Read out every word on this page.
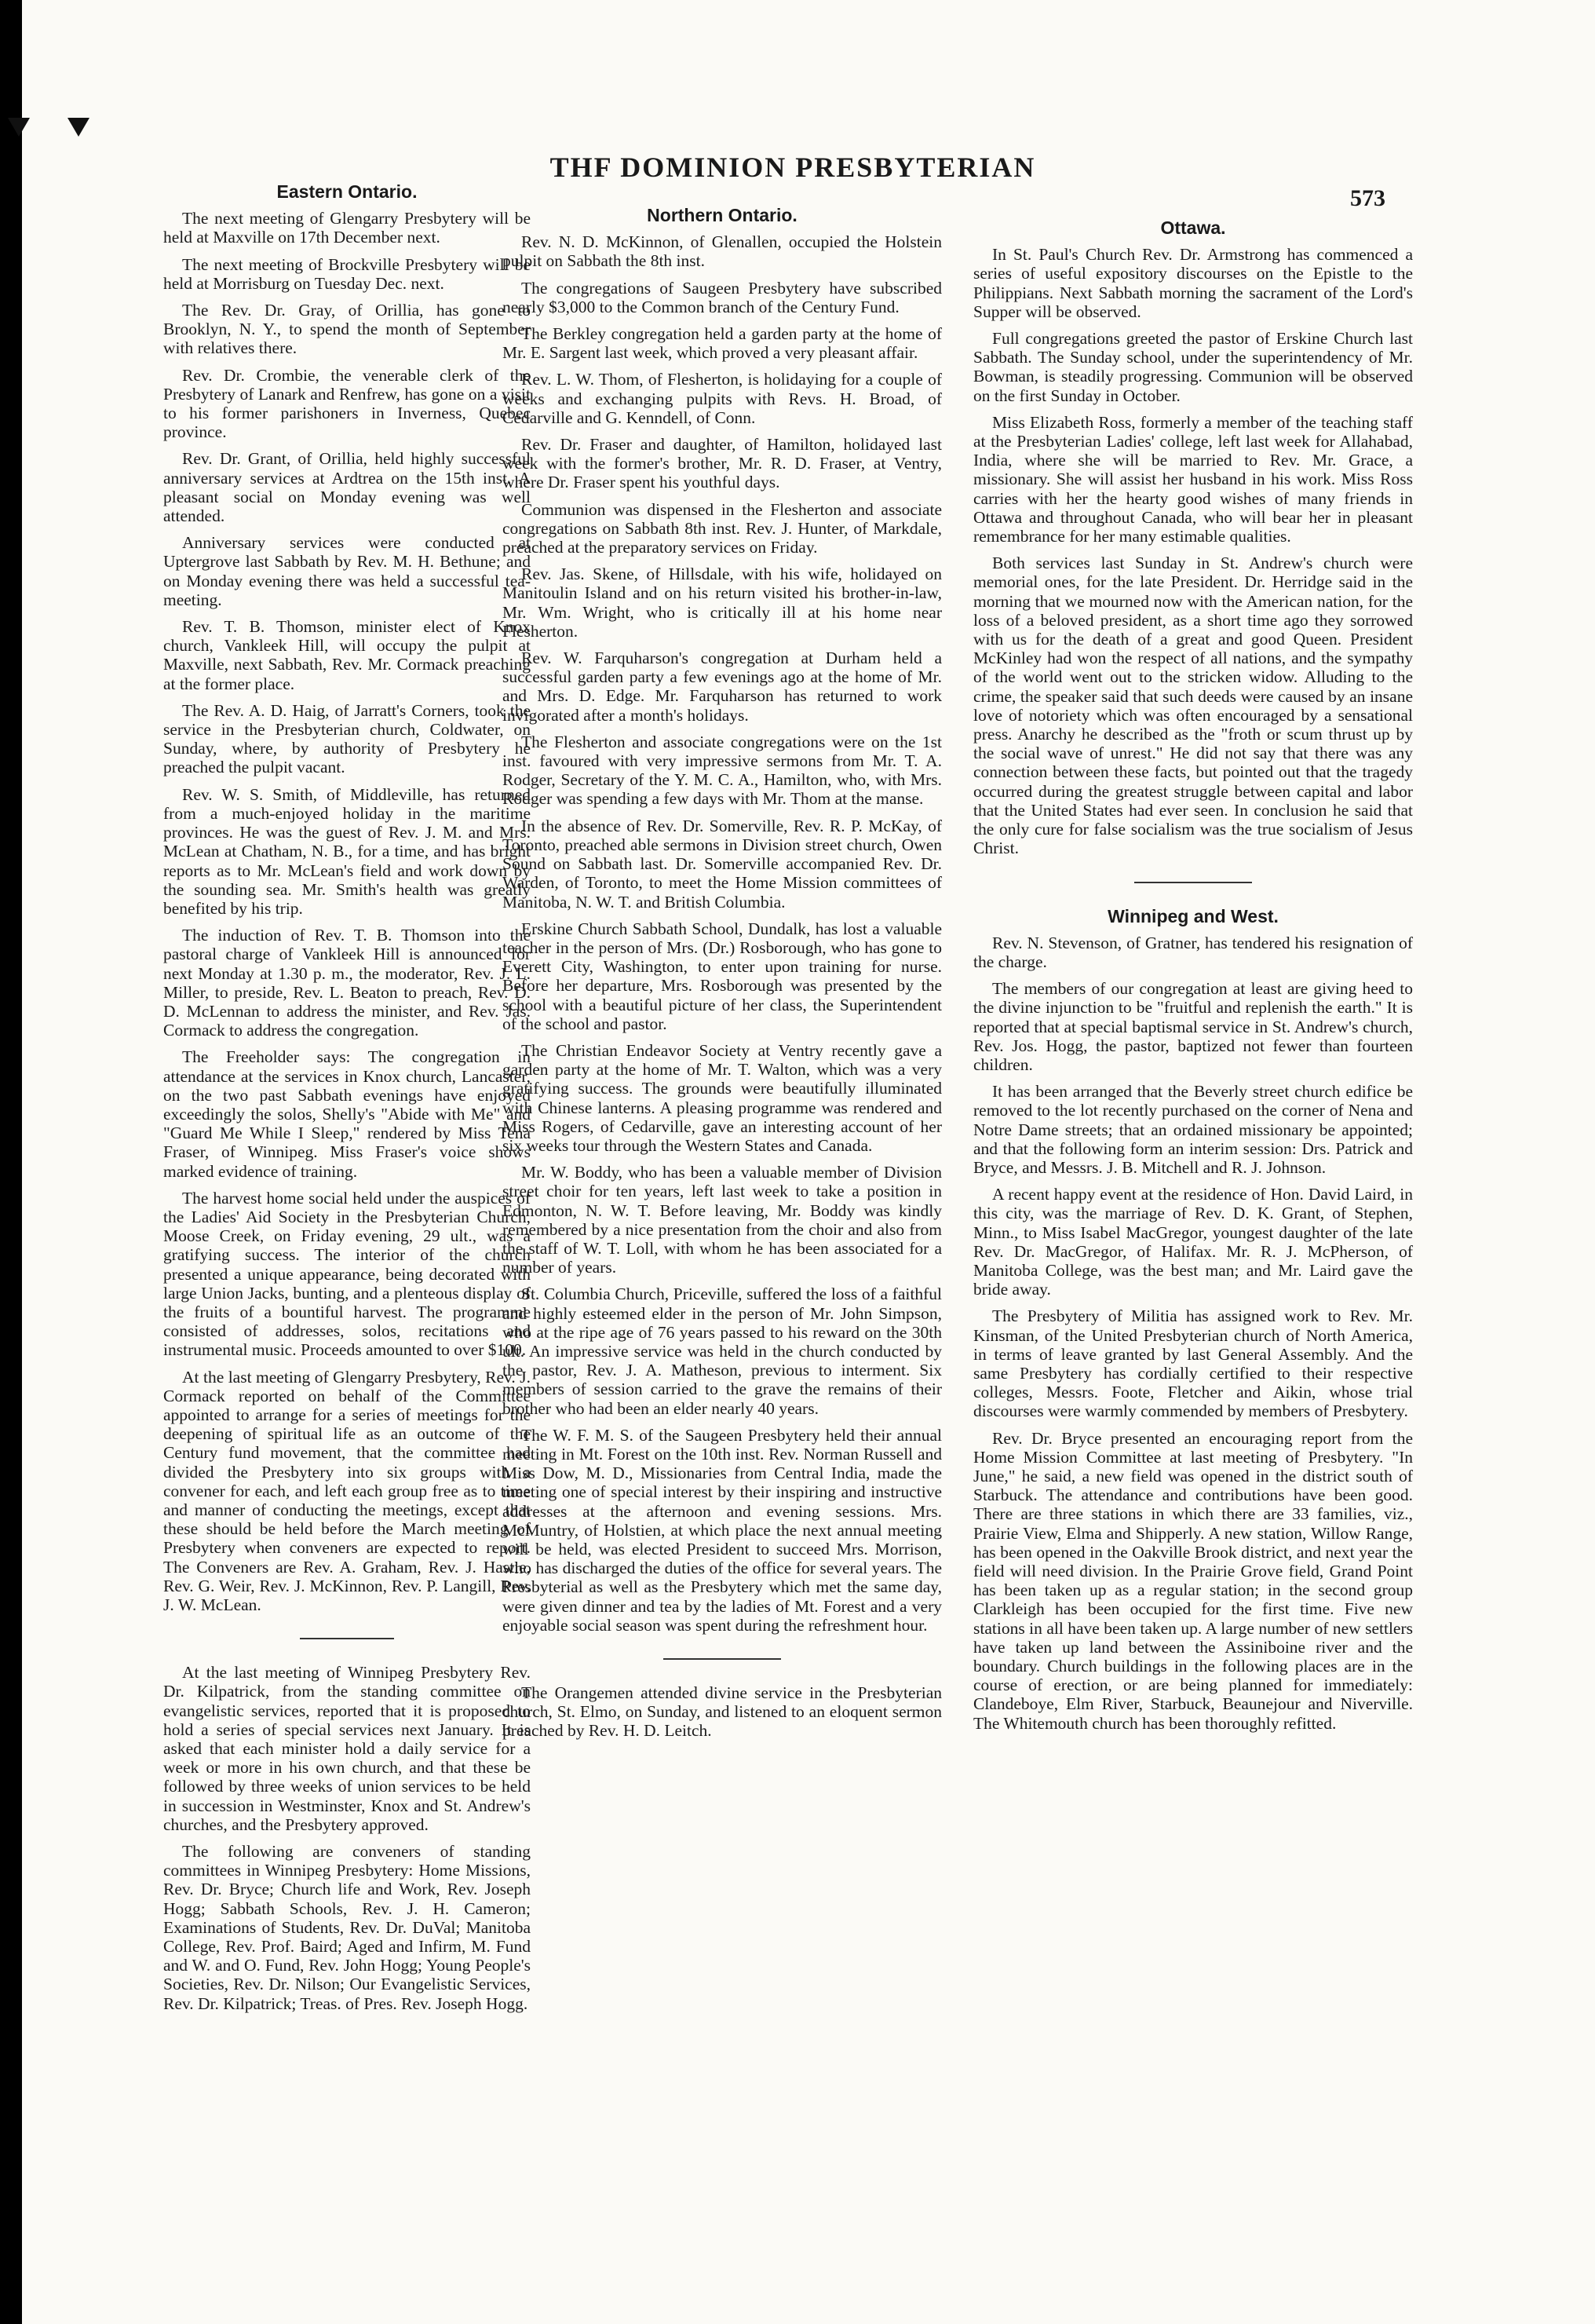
THF DOMINION PRESBYTERIAN
573
Eastern Ontario.

The next meeting of Glengarry Presbytery will be held at Maxville on 17th December next.

The next meeting of Brockville Presbytery will be held at Morrisburg on Tuesday Dec. next.

The Rev. Dr. Gray, of Orillia, has gone to Brooklyn, N. Y., to spend the month of September with relatives there.

Rev. Dr. Crombie, the venerable clerk of the Presbytery of Lanark and Renfrew, has gone on a visit to his former parishoners in Inverness, Quebec province.

Rev. Dr. Grant, of Orillia, held highly successful anniversary services at Ardtrea on the 15th inst. A pleasant social on Monday evening was well attended.

Anniversary services were conducted at Uptergrove last Sabbath by Rev. M. H. Bethune; and on Monday evening there was held a successful tea-meeting.

Rev. T. B. Thomson, minister elect of Knox church, Vankleek Hill, will occupy the pulpit at Maxville, next Sabbath, Rev. Mr. Cormack preaching at the former place.

The Rev. A. D. Haig, of Jarratt's Corners, took the service in the Presbyterian church, Coldwater, on Sunday, where, by authority of Presbytery he preached the pulpit vacant.

Rev. W. S. Smith, of Middleville, has returned from a much-enjoyed holiday in the maritime provinces. He was the guest of Rev. J. M. and Mrs. McLean at Chatham, N. B., for a time, and has bright reports as to Mr. McLean's field and work down by the sounding sea. Mr. Smith's health was greatly benefited by his trip.

The induction of Rev. T. B. Thomson into the pastoral charge of Vankleek Hill is announced for next Monday at 1.30 p. m., the moderator, Rev. J. L. Miller, to preside, Rev. L. Beaton to preach, Rev. D. D. McLennan to address the minister, and Rev. Jas. Cormack to address the congregation.

The Freeholder says: The congregation in attendance at the services in Knox church, Lancaster, on the two past Sabbath evenings have enjoyed exceedingly the solos, Shelly's "Abide with Me" and "Guard Me While I Sleep," rendered by Miss Tena Fraser, of Winnipeg. Miss Fraser's voice shows marked evidence of training.

The harvest home social held under the auspices of the Ladies' Aid Society in the Presbyterian Church, Moose Creek, on Friday evening, 29 ult., was a gratifying success. The interior of the church presented a unique appearance, being decorated with large Union Jacks, bunting, and a plenteous display of the fruits of a bountiful harvest. The programme consisted of addresses, solos, recitations and instrumental music. Proceeds amounted to over $100.

At the last meeting of Glengarry Presbytery, Rev. J. Cormack reported on behalf of the Committee appointed to arrange for a series of meetings for the deepening of spiritual life as an outcome of the Century fund movement, that the committee had divided the Presbytery into six groups with a convener for each, and left each group free as to time and manner of conducting the meetings, except that these should be held before the March meeting of Presbytery when conveners are expected to report. The Conveners are Rev. A. Graham, Rev. J. Hastie, Rev. G. Weir, Rev. J. McKinnon, Rev. P. Langill, Rev. J. W. McLean.

At the last meeting of Winnipeg Presbytery Rev. Dr. Kilpatrick, from the standing committee on evangelistic services, reported that it is proposed to hold a series of special services next January. It is asked that each minister hold a daily service for a week or more in his own church, and that these be followed by three weeks of union services to be held in succession in Westminster, Knox and St. Andrew's churches, and the Presbytery approved.

The following are conveners of standing committees in Winnipeg Presbytery: Home Missions, Rev. Dr. Bryce; Church life and Work, Rev. Joseph Hogg; Sabbath Schools, Rev. J. H. Cameron; Examinations of Students, Rev. Dr. DuVal; Manitoba College, Rev. Prof. Baird; Aged and Infirm, M. Fund and W. and O. Fund, Rev. John Hogg; Young People's Societies, Rev. Dr. Nilson; Our Evangelistic Services, Rev. Dr. Kilpatrick; Treas. of Pres. Rev. Joseph Hogg.

Northern Ontario.

Rev. N. D. McKinnon, of Glenallen, occupied the Holstein pulpit on Sabbath the 8th inst.

The congregations of Saugeen Presbytery have subscribed nearly $3,000 to the Common branch of the Century Fund.

The Berkley congregation held a garden party at the home of Mr. E. Sargent last week, which proved a very pleasant affair.

Rev. L. W. Thom, of Flesherton, is holidaying for a couple of weeks and exchanging pulpits with Revs. H. Broad, of Cedarville and G. Kenndell, of Conn.

Rev. Dr. Fraser and daughter, of Hamilton, holidayed last week with the former's brother, Mr. R. D. Fraser, at Ventry, where Dr. Fraser spent his youthful days.

Communion was dispensed in the Flesherton and associate congregations on Sabbath 8th inst. Rev. J. Hunter, of Markdale, preached at the preparatory services on Friday.

Rev. Jas. Skene, of Hillsdale, with his wife, holidayed on Manitoulin Island and on his return visited his brother-in-law, Mr. Wm. Wright, who is critically ill at his home near Flesherton.

Rev. W. Farquharson's congregation at Durham held a successful garden party a few evenings ago at the home of Mr. and Mrs. D. Edge. Mr. Farquharson has returned to work invigorated after a month's holidays.

The Flesherton and associate congregations were on the 1st inst. favoured with very impressive sermons from Mr. T. A. Rodger, Secretary of the Y. M. C. A., Hamilton, who, with Mrs. Rodger was spending a few days with Mr. Thom at the manse.

In the absence of Rev. Dr. Somerville, Rev. R. P. McKay, of Toronto, preached able sermons in Division street church, Owen Sound on Sabbath last. Dr. Somerville accompanied Rev. Dr. Warden, of Toronto, to meet the Home Mission committees of Manitoba, N. W. T. and British Columbia.

Erskine Church Sabbath School, Dundalk, has lost a valuable teacher in the person of Mrs. (Dr.) Rosborough, who has gone to Everett City, Washington, to enter upon training for nurse. Before her departure, Mrs. Rosborough was presented by the school with a beautiful picture of her class, the Superintendent of the school and pastor.

The Christian Endeavor Society at Ventry recently gave a garden party at the home of Mr. T. Walton, which was a very gratifying success. The grounds were beautifully illuminated with Chinese lanterns. A pleasing programme was rendered and Miss Rogers, of Cedarville, gave an interesting account of her six weeks tour through the Western States and Canada.

Mr. W. Boddy, who has been a valuable member of Division street choir for ten years, left last week to take a position in Edmonton, N. W. T. Before leaving, Mr. Boddy was kindly remembered by a nice presentation from the choir and also from the staff of W. T. Loll, with whom he has been associated for a number of years.

St. Columbia Church, Priceville, suffered the loss of a faithful and highly esteemed elder in the person of Mr. John Simpson, who at the ripe age of 76 years passed to his reward on the 30th ult. An impressive service was held in the church conducted by the pastor, Rev. J. A. Matheson, previous to interment. Six members of session carried to the grave the remains of their brother who had been an elder nearly 40 years.

The W. F. M. S. of the Saugeen Presbytery held their annual meeting in Mt. Forest on the 10th inst. Rev. Norman Russell and Miss Dow, M. D., Missionaries from Central India, made the meeting one of special interest by their inspiring and instructive addresses at the afternoon and evening sessions. Mrs. McMuntry, of Holstien, at which place the next annual meeting will be held, was elected President to succeed Mrs. Morrison, who has discharged the duties of the office for several years. The Presbyterial as well as the Presbytery which met the same day, were given dinner and tea by the ladies of Mt. Forest and a very enjoyable social season was spent during the refreshment hour.

The Orangemen attended divine service in the Presbyterian church, St. Elmo, on Sunday, and listened to an eloquent sermon preached by Rev. H. D. Leitch.

Ottawa.

In St. Paul's Church Rev. Dr. Armstrong has commenced a series of useful expository discourses on the Epistle to the Philippians. Next Sabbath morning the sacrament of the Lord's Supper will be observed.

Full congregations greeted the pastor of Erskine Church last Sabbath. The Sunday school, under the superintendency of Mr. Bowman, is steadily progressing. Communion will be observed on the first Sunday in October.

Miss Elizabeth Ross, formerly a member of the teaching staff at the Presbyterian Ladies' college, left last week for Allahabad, India, where she will be married to Rev. Mr. Grace, a missionary. She will assist her husband in his work. Miss Ross carries with her the hearty good wishes of many friends in Ottawa and throughout Canada, who will bear her in pleasant remembrance for her many estimable qualities.

Both services last Sunday in St. Andrew's church were memorial ones, for the late President. Dr. Herridge said in the morning that we mourned now with the American nation, for the loss of a beloved president, as a short time ago they sorrowed with us for the death of a great and good Queen. President McKinley had won the respect of all nations, and the sympathy of the world went out to the stricken widow. Alluding to the crime, the speaker said that such deeds were caused by an insane love of notoriety which was often encouraged by a sensational press. Anarchy he described as the "froth or scum thrust up by the social wave of unrest." He did not say that there was any connection between these facts, but pointed out that the tragedy occurred during the greatest struggle between capital and labor that the United States had ever seen. In conclusion he said that the only cure for false socialism was the true socialism of Jesus Christ.

Winnipeg and West.

Rev. N. Stevenson, of Gratner, has tendered his resignation of the charge.

The members of our congregation at least are giving heed to the divine injunction to be "fruitful and replenish the earth." It is reported that at special baptismal service in St. Andrew's church, Rev. Jos. Hogg, the pastor, baptized not fewer than fourteen children.

It has been arranged that the Beverly street church edifice be removed to the lot recently purchased on the corner of Nena and Notre Dame streets; that an ordained missionary be appointed; and that the following form an interim session: Drs. Patrick and Bryce, and Messrs. J. B. Mitchell and R. J. Johnson.

A recent happy event at the residence of Hon. David Laird, in this city, was the marriage of Rev. D. K. Grant, of Stephen, Minn., to Miss Isabel MacGregor, youngest daughter of the late Rev. Dr. MacGregor, of Halifax. Mr. R. J. McPherson, of Manitoba College, was the best man; and Mr. Laird gave the bride away.

The Presbytery of Militia has assigned work to Rev. Mr. Kinsman, of the United Presbyterian church of North America, in terms of leave granted by last General Assembly. And the same Presbytery has cordially certified to their respective colleges, Messrs. Foote, Fletcher and Aikin, whose trial discourses were warmly commended by members of Presbytery.

Rev. Dr. Bryce presented an encouraging report from the Home Mission Committee at last meeting of Presbytery. "In June," he said, a new field was opened in the district south of Starbuck. The attendance and contributions have been good. There are three stations in which there are 33 families, viz., Prairie View, Elma and Shipperly. A new station, Willow Range, has been opened in the Oakville Brook district, and next year the field will need division. In the Prairie Grove field, Grand Point has been taken up as a regular station; in the second group Clarkleigh has been occupied for the first time. Five new stations in all have been taken up. A large number of new settlers have taken up land between the Assiniboine river and the boundary. Church buildings in the following places are in the course of erection, or are being planned for immediately: Clandeboye, Elm River, Starbuck, Beaunejour and Niverville. The Whitemouth church has been thoroughly refitted.
